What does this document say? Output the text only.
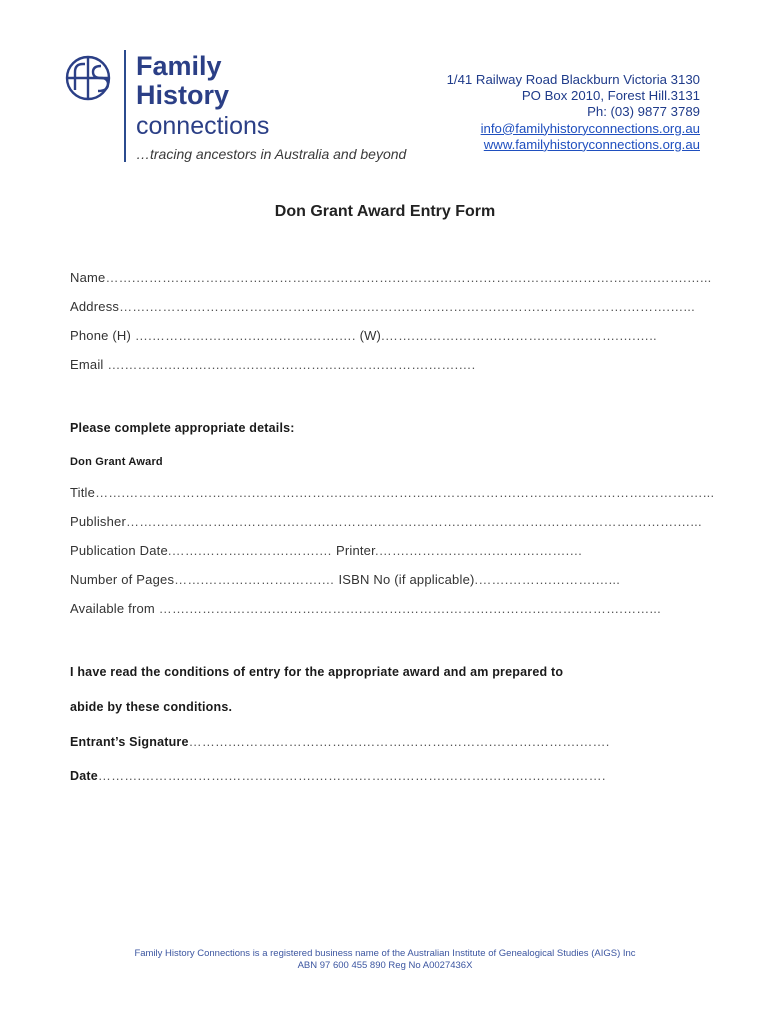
Family
History
connections
…tracing ancestors in Australia and beyond
1/41 Railway Road Blackburn Victoria 3130
PO Box 2010, Forest Hill.3131
Ph: (03) 9877 3789
info@familyhistoryconnections.org.au
www.familyhistoryconnections.org.au
Don Grant Award Entry Form
Name…….……….……….……….……….……….……….……….……….……….……….……….……….…….…...
Address…….……….……….……….……….……….……….……….……….……….……….……….……….…...
Phone (H) ….………….……….………….…….…. (W).…….……….……….……….……….…….….…..
Email ….……….……….……….……….……….……….……….…….….
Please complete appropriate details:
Don Grant Award
Title…….……….……….……….……….……….……….……….……….……….……….……….……….……….…...
Publisher…….……….……….……….……….……….……….……….……….……….……….……….……….…...
Publication Date.…….……….……….…….… Printer.…….……….……….……….…….…
Number of Pages…….……….……….…….… ISBN No (if applicable).…….……….……….…...
Available from …….……….……….……….……….……….……….……….……….……….……….……...
I have read the conditions of entry for the appropriate award and am prepared to
abide by these conditions.
Entrant’s Signature……….……….……….……….……….……….……….……….……….…….
Date……….……….……….……….……….……….……….……….……….……….……….…….
Family History Connections is a registered business name of the Australian Institute of Genealogical Studies (AIGS) Inc
ABN 97 600 455 890 Reg No A0027436X
